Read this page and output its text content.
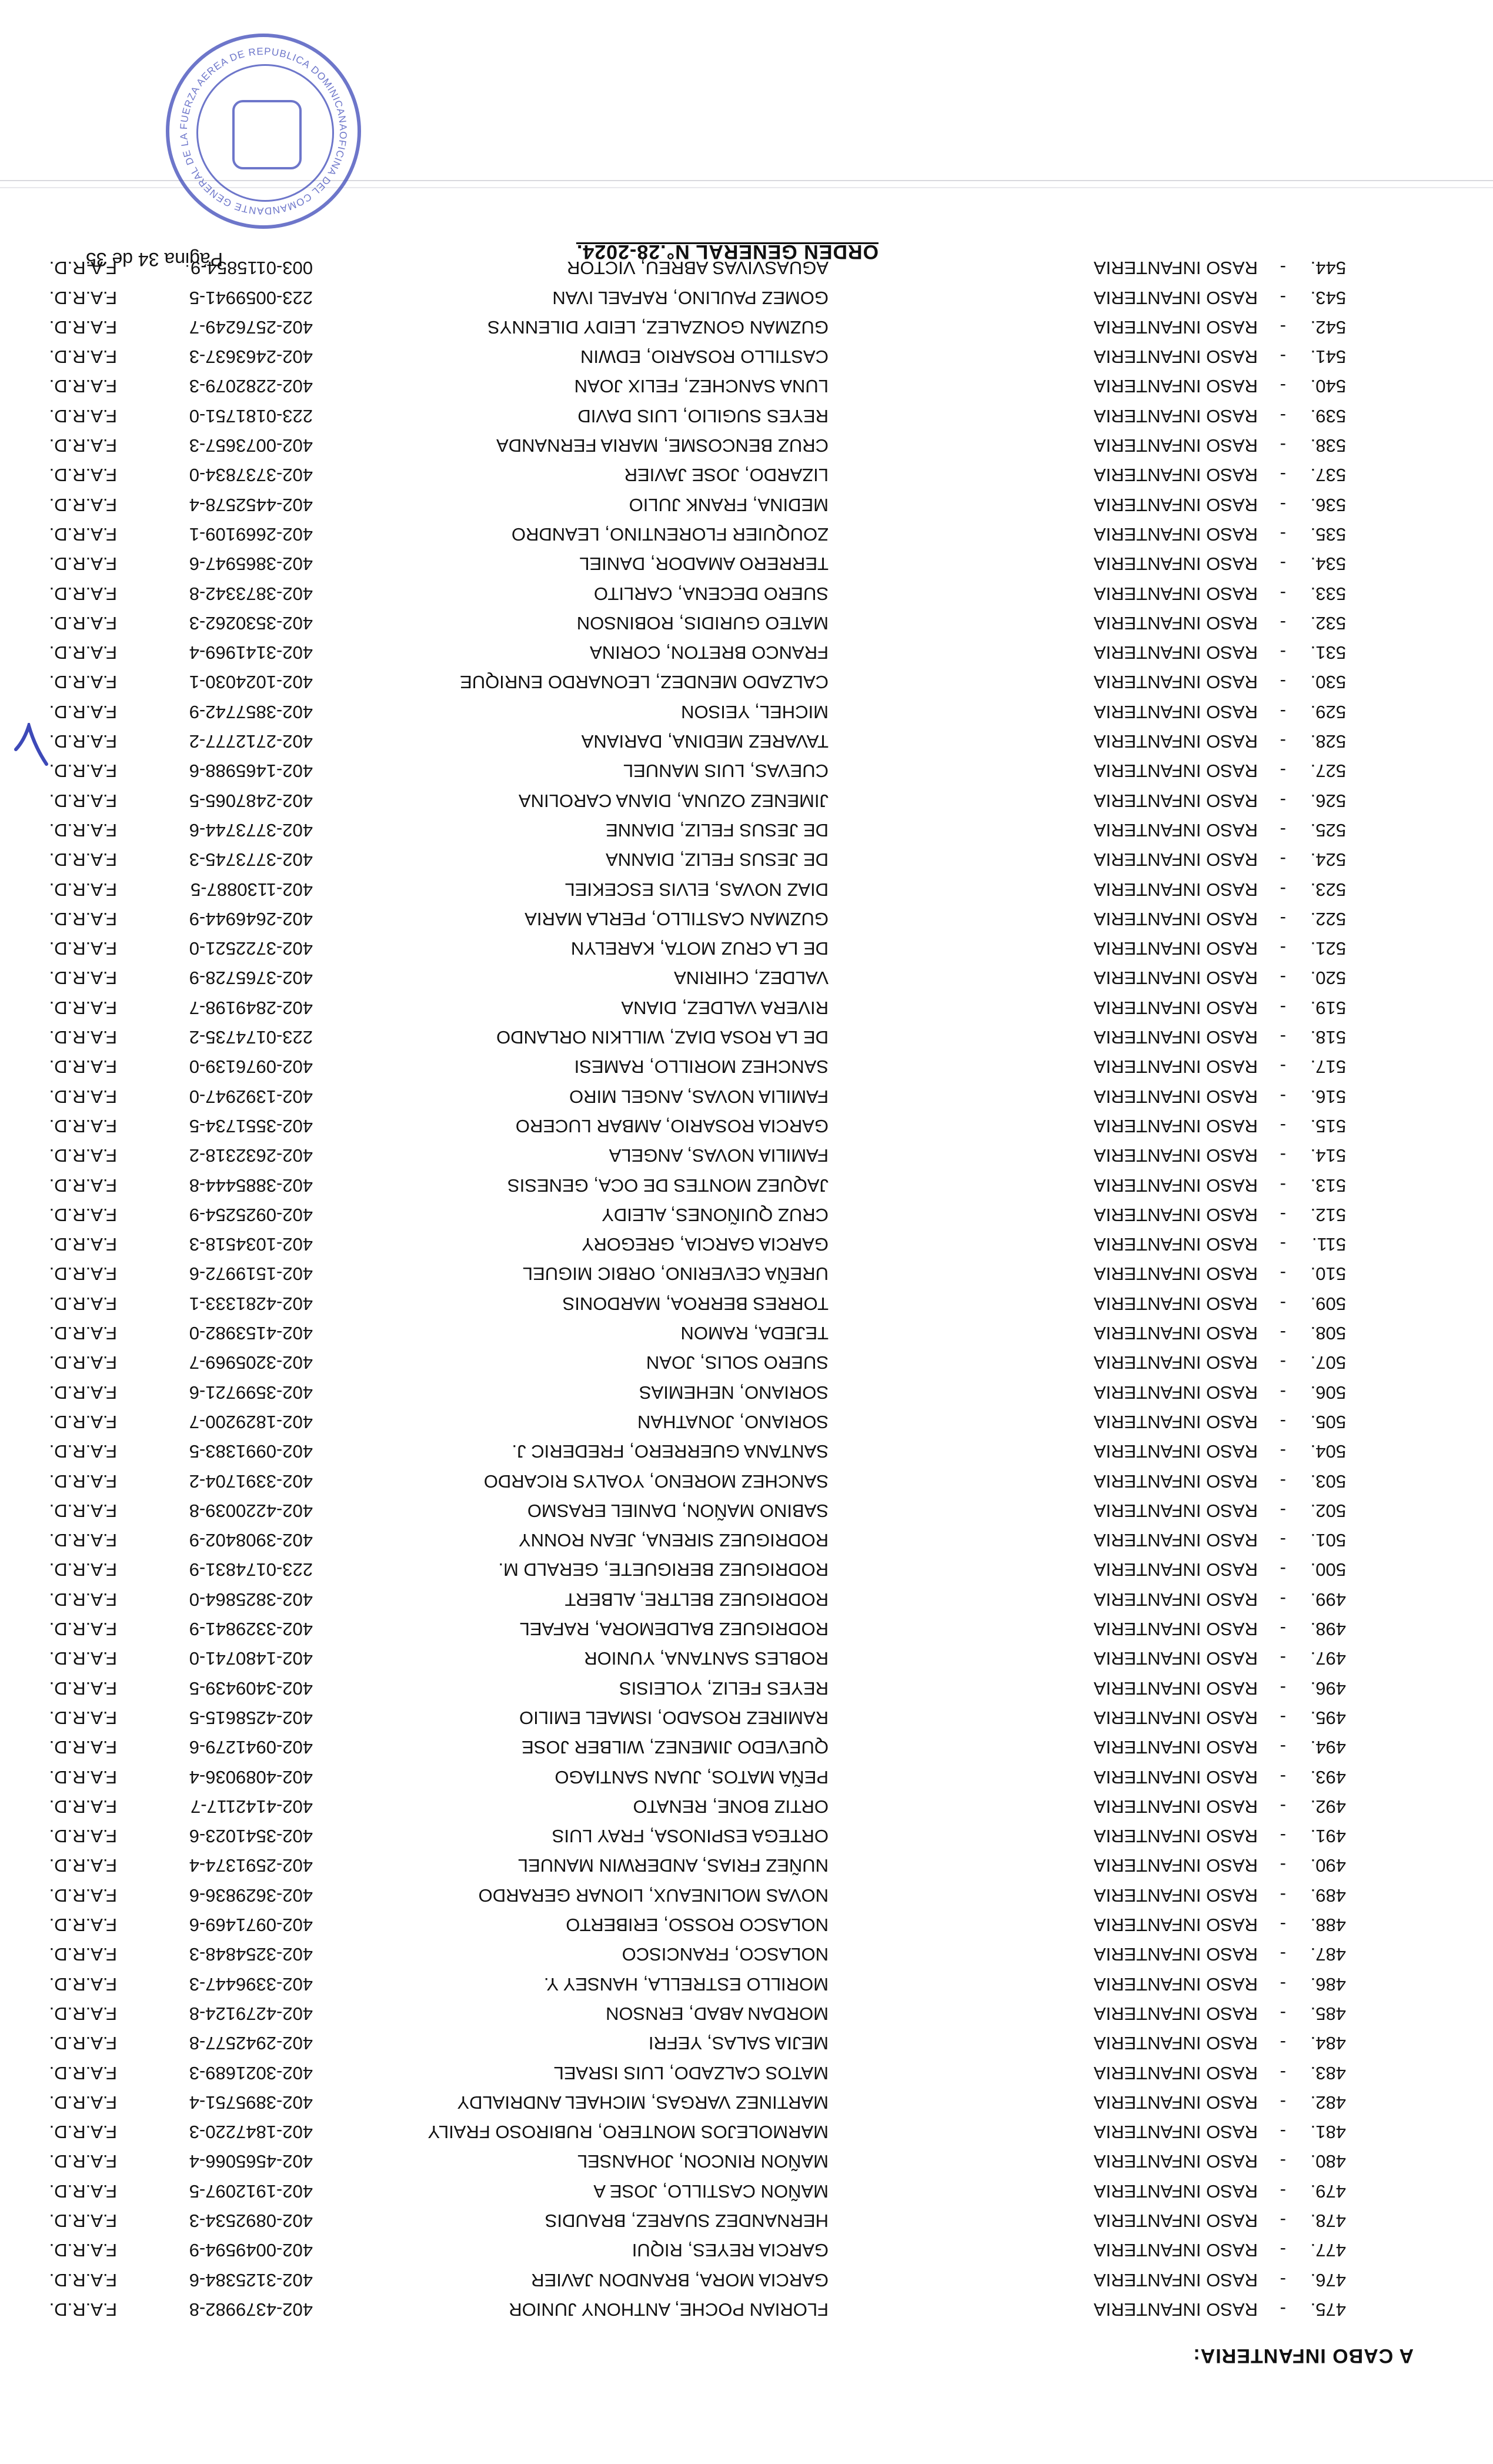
A CABO INFANTERIA:
475.
-
RASO INFANTERIA
FLORIAN POCHE, ANTHONY JUNIOR
402-4379982-8
F.A.R.D.
476.
-
RASO INFANTERIA
GARCIA MORA, BRANDON JAVIER
402-3125384-6
F.A.R.D.
477.
-
RASO INFANTERIA
GARCIA REYES, RIQUI
402-0049594-9
F.A.R.D.
478.
-
RASO INFANTERIA
HERNANDEZ SUAREZ, BRAUDIS
402-0892534-3
F.A.R.D.
479.
-
RASO INFANTERIA
MAÑON CASTILLO, JOSE A
402-1912097-5
F.A.R.D.
480.
-
RASO INFANTERIA
MAÑON RINCON, JOHANSEL
402-4565066-4
F.A.R.D.
481.
-
RASO INFANTERIA
MARMOLEJOS MONTERO, RUBIROSO FRAILY
402-1847220-3
F.A.R.D.
482.
-
RASO INFANTERIA
MARTINEZ VARGAS, MICHAEL ANDRIALDY
402-3895751-4
F.A.R.D.
483.
-
RASO INFANTERIA
MATOS CALZADO, LUIS ISRAEL
402-3021689-3
F.A.R.D.
484.
-
RASO INFANTERIA
MEJIA SALAS, YEFRI
402-2942577-8
F.A.R.D.
485.
-
RASO INFANTERIA
MORDAN ABAD, ERNSON
402-4279124-8
F.A.R.D.
486.
-
RASO INFANTERIA
MORILLO ESTRELLA, HANSEY Y.
402-3396447-3
F.A.R.D.
487.
-
RASO INFANTERIA
NOLASCO, FRANCISCO
402-3254848-3
F.A.R.D.
488.
-
RASO INFANTERIA
NOLASCO ROSSO, ERIBERTO
402-0971469-6
F.A.R.D.
489.
-
RASO INFANTERIA
NOVAS MOLINEAUX, LIONAR GERARDO
402-3629836-6
F.A.R.D.
490.
-
RASO INFANTERIA
NUÑEZ FRIAS, ANDERWIN MANUEL
402-2591374-4
F.A.R.D.
491.
-
RASO INFANTERIA
ORTEGA ESPINOSA, FRAY LUIS
402-3541023-6
F.A.R.D.
492.
-
RASO INFANTERIA
ORTIZ BONE, RENATO
402-4142117-7
F.A.R.D.
493.
-
RASO INFANTERIA
PEÑA MATOS, JUAN SANTIAGO
402-4089036-4
F.A.R.D.
494.
-
RASO INFANTERIA
QUEVEDO JIMENEZ, WILBER JOSE
402-0941279-6
F.A.R.D.
495.
-
RASO INFANTERIA
RAMIREZ ROSADO, ISMAEL EMILIO
402-4258615-5
F.A.R.D.
496.
-
RASO INFANTERIA
REYES FELIZ, YOLEISIS
402-3409439-5
F.A.R.D.
497.
-
RASO INFANTERIA
ROBLES SANTANA, YUNIOR
402-1480741-0
F.A.R.D.
498.
-
RASO INFANTERIA
RODRIGUEZ BALDEMORA, RAFAEL
402-3329841-9
F.A.R.D.
499.
-
RASO INFANTERIA
RODRIGUEZ BELTRE, ALBERT
402-3825864-0
F.A.R.D.
500.
-
RASO INFANTERIA
RODRIGUEZ BERIGUETE, GERALD M.
223-0174831-9
F.A.R.D.
501.
-
RASO INFANTERIA
RODRIGUEZ SIRENA, JEAN RONNY
402-3908402-9
F.A.R.D.
502.
-
RASO INFANTERIA
SABINO MAÑON, DANIEL ERASMO
402-4220039-8
F.A.R.D.
503.
-
RASO INFANTERIA
SANCHEZ MORENO, YOALYS RICARDO
402-3391704-2
F.A.R.D.
504.
-
RASO INFANTERIA
SANTANA GUERRERO, FREDERIC J.
402-0991383-5
F.A.R.D.
505.
-
RASO INFANTERIA
SORIANO, JONATHAN
402-1829200-7
F.A.R.D.
506.
-
RASO INFANTERIA
SORIANO, NEHEMIAS
402-3599721-6
F.A.R.D.
507.
-
RASO INFANTERIA
SUERO SOLIS, JOAN
402-3205969-7
F.A.R.D.
508.
-
RASO INFANTERIA
TEJEDA, RAMON
402-4153982-0
F.A.R.D.
509.
-
RASO INFANTERIA
TORRES BERROA, MARDONIS
402-4281333-1
F.A.R.D.
510.
-
RASO INFANTERIA
UREÑA CEVERINO, ORBIC MIGUEL
402-1519972-6
F.A.R.D.
511.
-
RASO INFANTERIA
GARCIA GARCIA, GREGORY
402-1034518-3
F.A.R.D.
512.
-
RASO INFANTERIA
CRUZ QUIÑONES, ALEIDY
402-0925254-9
F.A.R.D.
513.
-
RASO INFANTERIA
JAQUEZ MONTES DE OCA, GENESIS
402-3885444-8
F.A.R.D.
514.
-
RASO INFANTERIA
FAMILIA NOVAS, ANGELA
402-2632318-2
F.A.R.D.
515.
-
RASO INFANTERIA
GARCIA ROSARIO, AMBAR LUCERO
402-3551734-5
F.A.R.D.
516.
-
RASO INFANTERIA
FAMILIA NOVAS, ANGEL MIRO
402-1392947-0
F.A.R.D.
517.
-
RASO INFANTERIA
SANCHEZ MORILLO, RAMESI
402-0976139-0
F.A.R.D.
518.
-
RASO INFANTERIA
DE LA ROSA DIAZ, WILLKIN ORLANDO
223-0174735-2
F.A.R.D.
519.
-
RASO INFANTERIA
RIVERA VALDEZ, DIANA
402-2849198-7
F.A.R.D.
520.
-
RASO INFANTERIA
VALDEZ, CHIRINA
402-3765728-9
F.A.R.D.
521.
-
RASO INFANTERIA
DE LA CRUZ MOTA, KARELYN
402-3722521-0
F.A.R.D.
522.
-
RASO INFANTERIA
GUZMAN CASTILLO, PERLA MARIA
402-2646944-9
F.A.R.D.
523.
-
RASO INFANTERIA
DIAZ NOVAS, ELVIS ESCEKIEL
402-1130887-5
F.A.R.D.
524.
-
RASO INFANTERIA
DE JESUS FELIZ, DIANNA
402-3773745-3
F.A.R.D.
525.
-
RASO INFANTERIA
DE JESUS FELIZ, DIANNE
402-3773744-6
F.A.R.D.
526.
-
RASO INFANTERIA
JIMENEZ OZUNA, DIANA CAROLINA
402-2487065-5
F.A.R.D.
527.
-
RASO INFANTERIA
CUEVAS, LUIS MANUEL
402-1465988-6
F.A.R.D.
528.
-
RASO INFANTERIA
TAVAREZ MEDINA, DARIANA
402-2712777-2
F.A.R.D.
529.
-
RASO INFANTERIA
MICHEL, YEISON
402-3857742-9
F.A.R.D.
530.
-
RASO INFANTERIA
CALZADO MENDEZ, LEONARDO ENRIQUE
402-1024030-1
F.A.R.D.
531.
-
RASO INFANTERIA
FRANCO BRETON, CORINA
402-3141969-4
F.A.R.D.
532.
-
RASO INFANTERIA
MATEO GURIDIS, ROBINSON
402-3530262-3
F.A.R.D.
533.
-
RASO INFANTERIA
SUERO DECENA, CARLITO
402-3873342-8
F.A.R.D.
534.
-
RASO INFANTERIA
TERRERO AMADOR, DANIEL
402-3865947-6
F.A.R.D.
535.
-
RASO INFANTERIA
ZOUQUIER FLORENTINO, LEANDRO
402-2669109-1
F.A.R.D.
536.
-
RASO INFANTERIA
MEDINA, FRANK JULIO
402-4452578-4
F.A.R.D.
537.
-
RASO INFANTERIA
LIZARDO, JOSE JAVIER
402-3737834-0
F.A.R.D.
538.
-
RASO INFANTERIA
CRUZ BENCOSME, MARIA FERNANDA
402-0073657-3
F.A.R.D.
539.
-
RASO INFANTERIA
REYES SUGILIO, LUIS DAVID
223-0181751-0
F.A.R.D.
540.
-
RASO INFANTERIA
LUNA SANCHEZ, FELIX JOAN
402-2282079-3
F.A.R.D.
541.
-
RASO INFANTERIA
CASTILLO ROSARIO, EDWIN
402-2463637-3
F.A.R.D.
542.
-
RASO INFANTERIA
GUZMAN GONZALEZ, LEIDY DILENNYS
402-2576249-7
F.A.R.D.
543.
-
RASO INFANTERIA
GOMEZ PAULINO, RAFAEL IVAN
223-0059941-5
F.A.R.D.
544.
-
RASO INFANTERIA
AGUASVIVAS ABREU, VICTOR
003-0115854-9
F.A.R.D.
ORDEN GENERAL N°.28-2024.
Página 34 de 35
OFICINA DEL COMANDANTE GENERAL DE LA FUERZA AEREA DE REPUBLICA DOMINICANA
